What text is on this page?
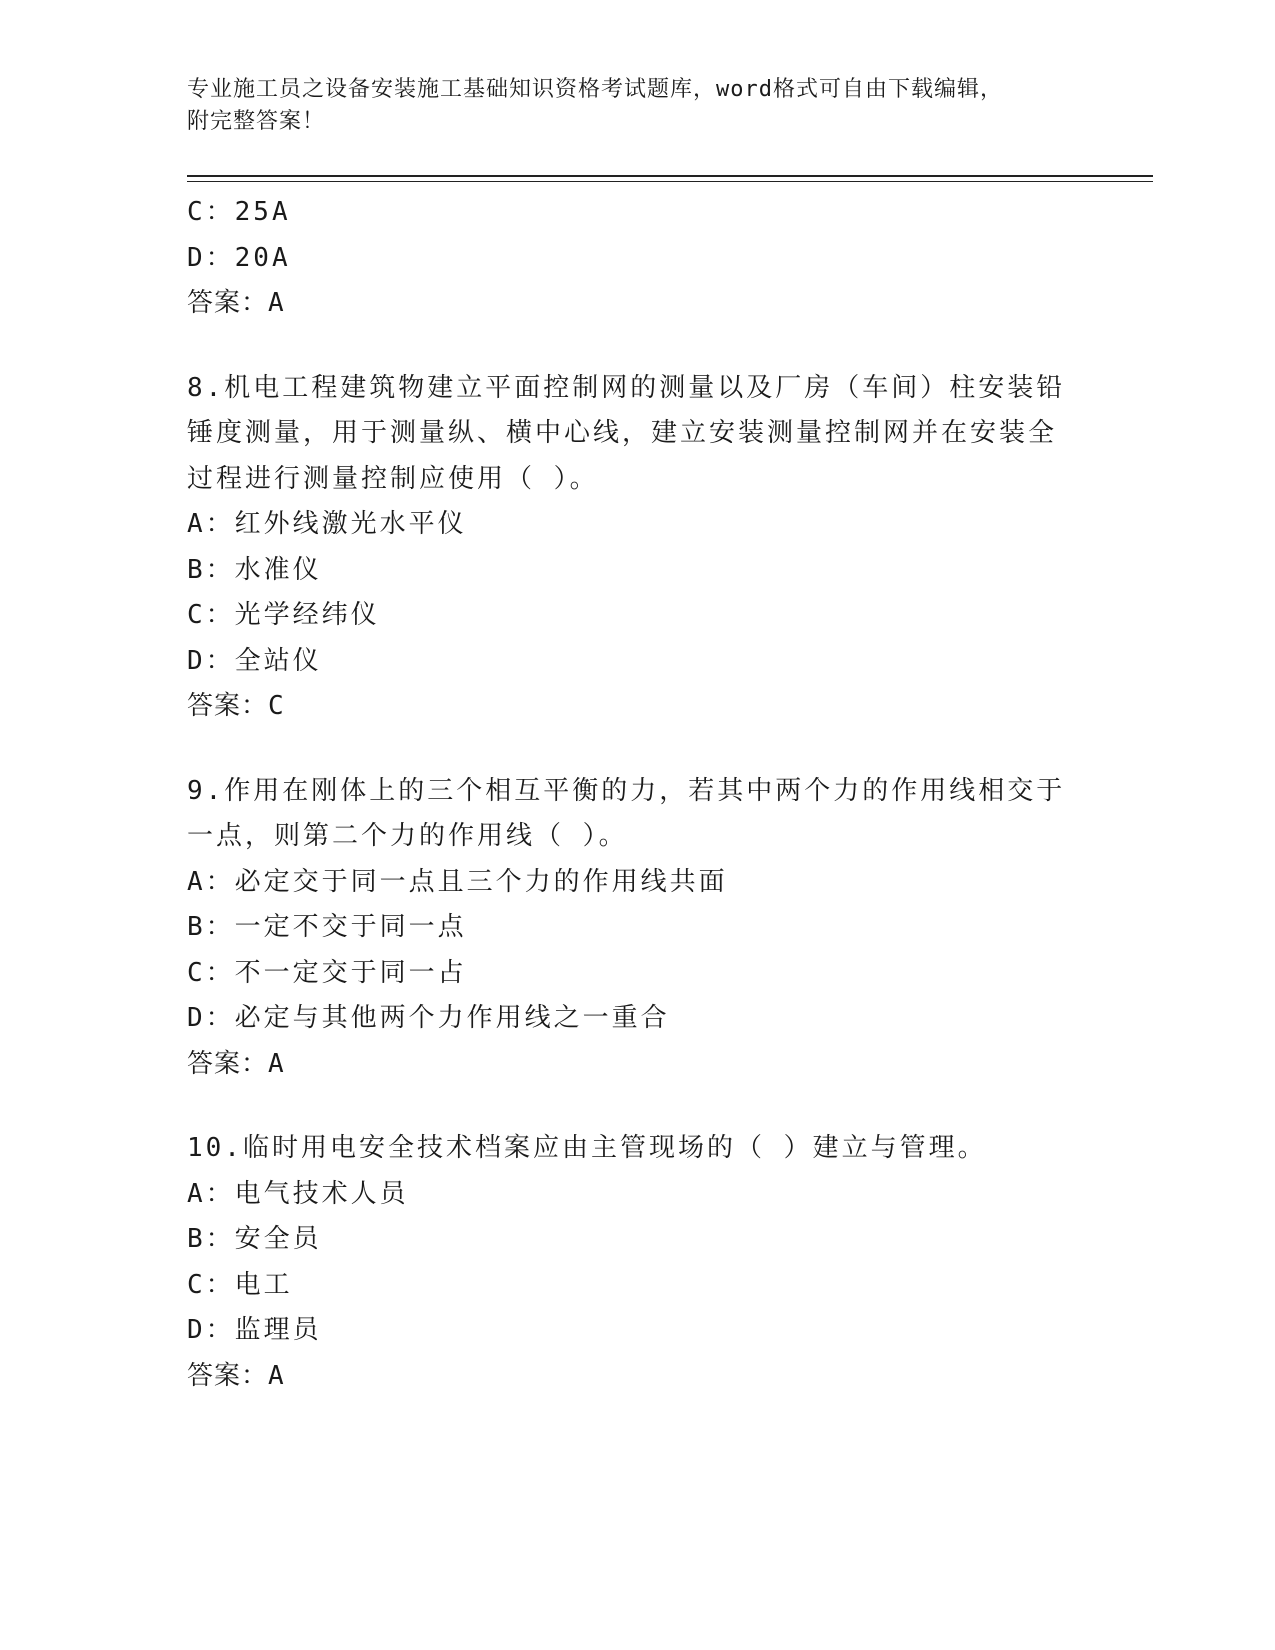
专业施工员之设备安装施工基础知识资格考试题库，word格式可自由下载编辑，
附完整答案！
C：25A
D：20A
答案：A
8.机电工程建筑物建立平面控制网的测量以及厂房（车间）柱安装铅
锤度测量，用于测量纵、横中心线，建立安装测量控制网并在安装全
过程进行测量控制应使用（ ）。
A：红外线激光水平仪
B：水准仪
C：光学经纬仪
D：全站仪
答案：C
9.作用在刚体上的三个相互平衡的力，若其中两个力的作用线相交于
一点，则第二个力的作用线（ ）。
A：必定交于同一点且三个力的作用线共面
B：一定不交于同一点
C：不一定交于同一占
D：必定与其他两个力作用线之一重合
答案：A
10.临时用电安全技术档案应由主管现场的（ ）建立与管理。
A：电气技术人员
B：安全员
C：电工
D：监理员
答案：A
